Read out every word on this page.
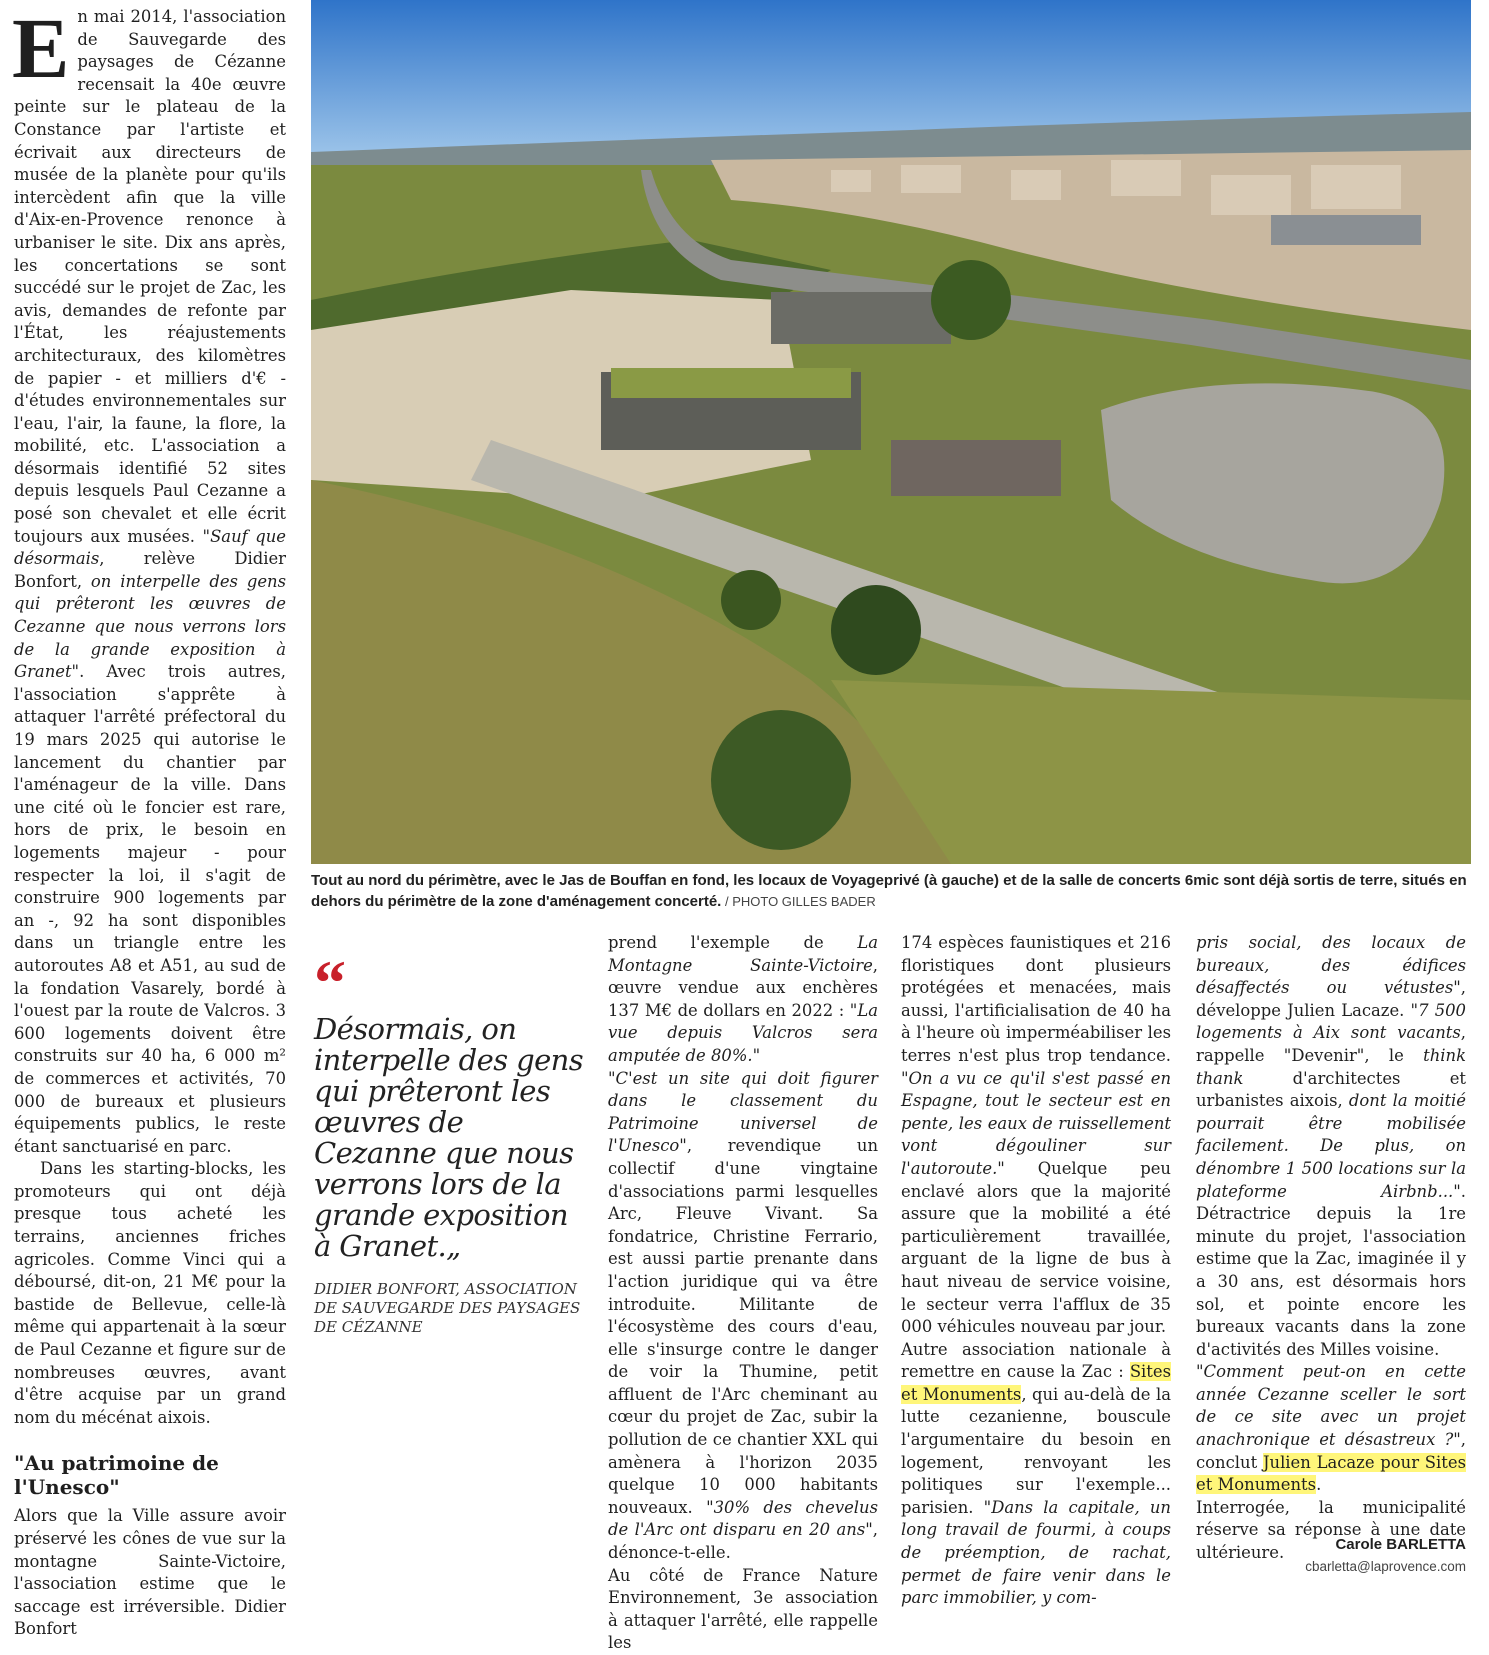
En mai 2014, l'association de Sauvegarde des paysages de Cézanne recensait la 40e œuvre peinte sur le plateau de la Constance par l'artiste et écrivait aux directeurs de musée de la planète pour qu'ils intercèdent afin que la ville d'Aix-en-Provence renonce à urbaniser le site. Dix ans après, les concertations se sont succédé sur le projet de Zac, les avis, demandes de refonte par l'État, les réajustements architecturaux, des kilomètres de papier - et milliers d'€ - d'études environnementales sur l'eau, l'air, la faune, la flore, la mobilité, etc. L'association a désormais identifié 52 sites depuis lesquels Paul Cezanne a posé son chevalet et elle écrit toujours aux musées. "Sauf que désormais, relève Didier Bonfort, on interpelle des gens qui prêteront les œuvres de Cezanne que nous verrons lors de la grande exposition à Granet". Avec trois autres, l'association s'apprête à attaquer l'arrêté préfectoral du 19 mars 2025 qui autorise le lancement du chantier par l'aménageur de la ville. Dans une cité où le foncier est rare, hors de prix, le besoin en logements majeur - pour respecter la loi, il s'agit de construire 900 logements par an -, 92 ha sont disponibles dans un triangle entre les autoroutes A8 et A51, au sud de la fondation Vasarely, bordé à l'ouest par la route de Valcros. 3 600 logements doivent être construits sur 40 ha, 6 000 m² de commerces et activités, 70 000 de bureaux et plusieurs équipements publics, le reste étant sanctuarisé en parc.

Dans les starting-blocks, les promoteurs qui ont déjà presque tous acheté les terrains, anciennes friches agricoles. Comme Vinci qui a déboursé, dit-on, 21 M€ pour la bastide de Bellevue, celle-là même qui appartenait à la sœur de Paul Cezanne et figure sur de nombreuses œuvres, avant d'être acquise par un grand nom du mécénat aixois.

"Au patrimoine de l'Unesco"

Alors que la Ville assure avoir préservé les cônes de vue sur la montagne Sainte-Victoire, l'association estime que le saccage est irréversible. Didier Bonfort

Tout au nord du périmètre, avec le Jas de Bouffan en fond, les locaux de Voyageprivé (à gauche) et de la salle de concerts 6mic sont déjà sortis de terre, situés en dehors du périmètre de la zone d'aménagement concerté. / PHOTO GILLES BADER
“
Désormais, on interpelle des gens qui prêteront les œuvres de Cezanne que nous verrons lors de la grande exposition à Granet.„
DIDIER BONFORT, ASSOCIATION DE SAUVEGARDE DES PAYSAGES DE CÉZANNE

prend l'exemple de La Montagne Sainte-Victoire, œuvre vendue aux enchères 137 M€ de dollars en 2022 : "La vue depuis Valcros sera amputée de 80%."

"C'est un site qui doit figurer dans le classement du Patrimoine universel de l'Unesco", revendique un collectif d'une vingtaine d'associations parmi lesquelles Arc, Fleuve Vivant. Sa fondatrice, Christine Ferrario, est aussi partie prenante dans l'action juridique qui va être introduite. Militante de l'écosystème des cours d'eau, elle s'insurge contre le danger de voir la Thumine, petit affluent de l'Arc cheminant au cœur du projet de Zac, subir la pollution de ce chantier XXL qui amènera à l'horizon 2035 quelque 10 000 habitants nouveaux. "30% des chevelus de l'Arc ont disparu en 20 ans", dénonce-t-elle.

Au côté de France Nature Environnement, 3e association à attaquer l'arrêté, elle rappelle les

174 espèces faunistiques et 216 floristiques dont plusieurs protégées et menacées, mais aussi, l'artificialisation de 40 ha à l'heure où imperméabiliser les terres n'est plus trop tendance. "On a vu ce qu'il s'est passé en Espagne, tout le secteur est en pente, les eaux de ruissellement vont dégouliner sur l'autoroute." Quelque peu enclavé alors que la majorité assure que la mobilité a été particulièrement travaillée, arguant de la ligne de bus à haut niveau de service voisine, le secteur verra l'afflux de 35 000 véhicules nouveau par jour.

Autre association nationale à remettre en cause la Zac : Sites et Monuments, qui au-delà de la lutte cezanienne, bouscule l'argumentaire du besoin en logement, renvoyant les politiques sur l'exemple... parisien. "Dans la capitale, un long travail de fourmi, à coups de préemption, de rachat, permet de faire venir dans le parc immobilier, y com-

pris social, des locaux de bureaux, des édifices désaffectés ou vétustes", développe Julien Lacaze. "7 500 logements à Aix sont vacants, rappelle "Devenir", le think thank d'architectes et urbanistes aixois, dont la moitié pourrait être mobilisée facilement. De plus, on dénombre 1 500 locations sur la plateforme Airbnb...". Détractrice depuis la 1re minute du projet, l'association estime que la Zac, imaginée il y a 30 ans, est désormais hors sol, et pointe encore les bureaux vacants dans la zone d'activités des Milles voisine.

"Comment peut-on en cette année Cezanne sceller le sort de ce site avec un projet anachronique et désastreux ?", conclut Julien Lacaze pour Sites et Monuments.

Interrogée, la municipalité réserve sa réponse à une date ultérieure.	Carole BARLETTA
cbarletta@laprovence.com
